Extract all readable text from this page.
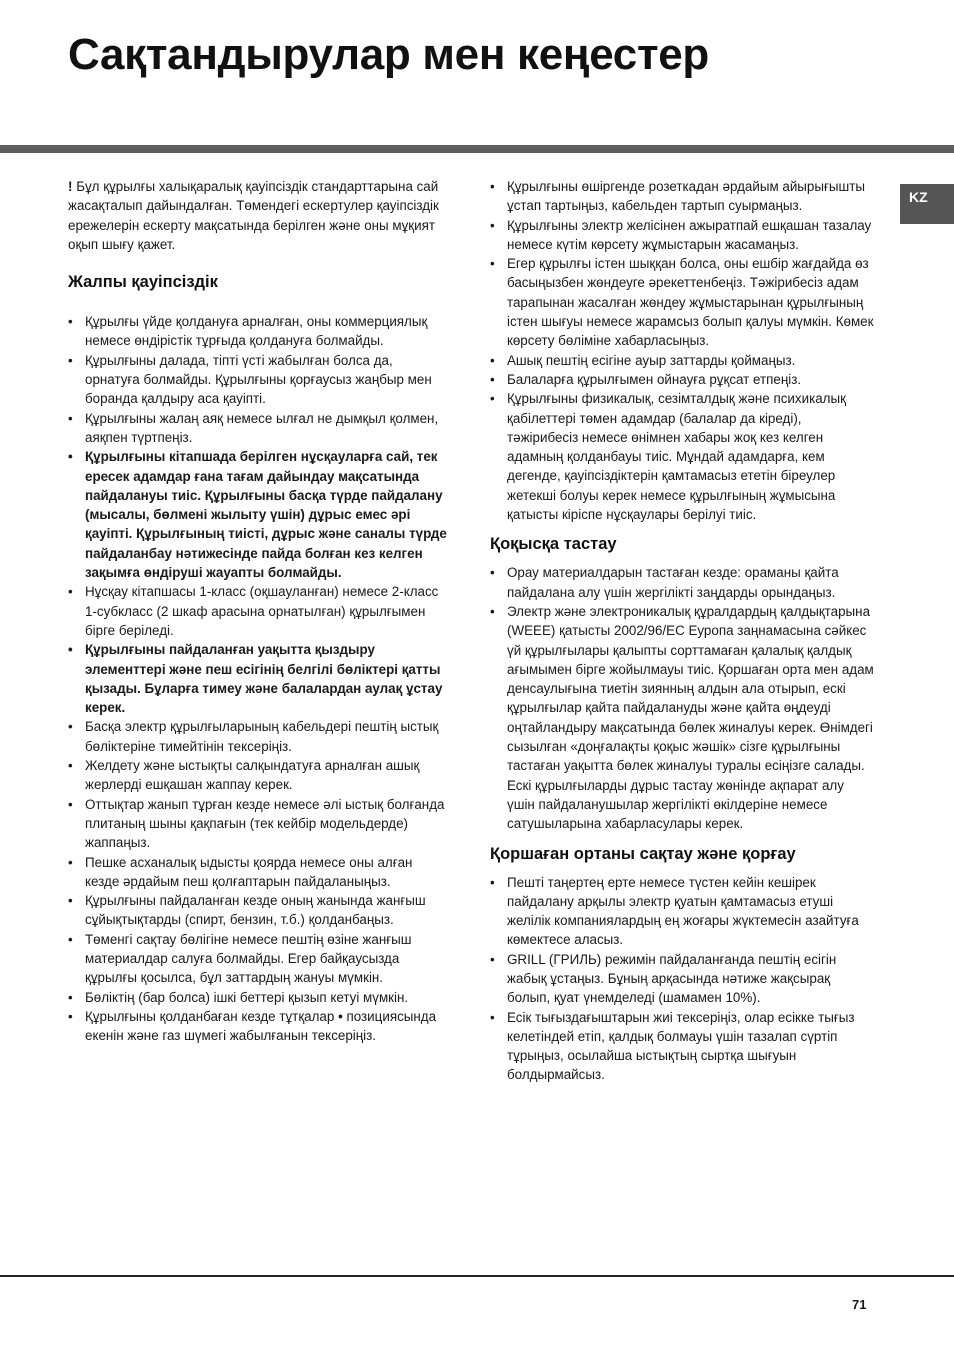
Сақтандырулар мен кеңестер
KZ

! Бұл құрылғы халықаралық қауіпсіздік стандарттарына сай жасақталып дайындалған. Төмендегі ескертулер қауіпсіздік ережелерін ескерту мақсатында берілген және оны мұқият оқып шығу қажет.

Жалпы қауіпсіздік
• Құрылғы үйде қолдануға арналған, оны коммерциялық немесе өндірістік тұрғыда қолдануға болмайды.
• Құрылғыны далада, тіпті үсті жабылған болса да, орнатуға болмайды. Құрылғыны қорғаусыз жаңбыр мен боранда қалдыру аса қауіпті.
• Құрылғыны жалаң аяқ немесе ылғал не дымқыл қолмен, аяқпен түртпеңіз.
• Құрылғыны кітапшада берілген нұсқауларға сай, тек ересек адамдар ғана тағам дайындау мақсатында пайдалануы тиіс. Құрылғыны басқа түрде пайдалану (мысалы, бөлмені жылыту үшін) дұрыс емес әрі қауіпті. Құрылғының тиісті, дұрыс және саналы түрде пайдаланбау нәтижесінде пайда болған кез келген зақымға өндіруші жауапты болмайды.
• Нұсқау кітапшасы 1-класс (оқшауланған) немесе 2-класс 1-субкласс (2 шкаф арасына орнатылған) құрылғымен бірге беріледі.
• Құрылғыны пайдаланған уақытта қыздыру элементтері және пеш есігінің белгілі бөліктері қатты қызады. Бұларға тимеу және балалардан аулақ ұстау керек.
• Басқа электр құрылғыларының кабельдері пештің ыстық бөліктеріне тимейтінін тексеріңіз.
• Желдету және ыстықты салқындатуға арналған ашық жерлерді ешқашан жаппау керек.
• Оттықтар жанып тұрған кезде немесе әлі ыстық болғанда плитаның шыны қақпағын (тек кейбір модельдерде) жаппаңыз.
• Пешке асханалық ыдысты қоярда немесе оны алған кезде әрдайым пеш қолғаптарын пайдаланыңыз.
• Құрылғыны пайдаланған кезде оның жанында жанғыш сұйықтықтарды (спирт, бензин, т.б.) қолданбаңыз.
• Төменгі сақтау бөлігіне немесе пештің өзіне жанғыш материалдар салуға болмайды. Егер байқаусызда құрылғы қосылса, бұл заттардың жануы мүмкін.
• Бөліктің (бар болса) ішкі беттері қызып кетуі мүмкін.
• Құрылғыны қолданбаған кезде тұтқалар • позициясында екенін және газ шүмегі жабылғанын тексеріңіз.
• Құрылғыны өшіргенде розеткадан әрдайым айырығышты ұстап тартыңыз, кабельден тартып суырмаңыз.
• Құрылғыны электр желісінен ажыратпай ешқашан тазалау немесе күтім көрсету жұмыстарын жасамаңыз.
• Егер құрылғы істен шыққан болса, оны ешбір жағдайда өз басыңызбен жөндеуге әрекеттенбеңіз. Тәжірибесіз адам тарапынан жасалған жөндеу жұмыстарынан құрылғының істен шығуы немесе жарамсыз болып қалуы мүмкін. Көмек көрсету бөліміне хабарласыңыз.
• Ашық пештің есігіне ауыр заттарды қоймаңыз.
• Балаларға құрылғымен ойнауға рұқсат етпеңіз.
• Құрылғыны физикалық, сезімталдық және психикалық қабілеттері төмен адамдар (балалар да кіреді), тәжірибесіз немесе өнімнен хабары жоқ кез келген адамның қолданбауы тиіс. Мұндай адамдарға, кем дегенде, қауіпсіздіктерін қамтамасыз ететін біреулер жетекші болуы керек немесе құрылғының жұмысына қатысты кіріспе нұсқаулары берілуі тиіс.
Қоқысқа тастау
• Орау материалдарын тастаған кезде: ораманы қайта пайдалана алу үшін жергілікті заңдарды орындаңыз.
• Электр және электроникалық құралдардың қалдықтарына (WEEE) қатысты 2002/96/EC Еуропа заңнамасына сәйкес үй құрылғылары қалыпты сорттамаған қалалық қалдық ағымымен бірге жойылмауы тиіс. Қоршаған орта мен адам денсаулығына тиетін зиянның алдын ала отырып, ескі құрылғылар қайта пайдалануды және қайта өңдеуді оңтайландыру мақсатында бөлек жиналуы керек. Өнімдегі сызылған «доңғалақты қоқыс жәшік» сізге құрылғыны тастаған уақытта бөлек жиналуы туралы есіңізге салады.
Ескі құрылғыларды дұрыс тастау жөнінде ақпарат алу үшін пайдаланушылар жергілікті өкілдеріне немесе сатушыларына хабарласулары керек.
Қоршаған ортаны сақтау және қорғау
• Пешті таңертең ерте немесе түстен кейін кешірек пайдалану арқылы электр қуатын қамтамасыз етуші желілік компаниялардың ең жоғары жүктемесін азайтуға көмектесе аласыз.
• GRILL (ГРИЛЬ) режимін пайдаланғанда пештің есігін жабық ұстаңыз. Бұның арқасында нәтиже жақсырақ болып, қуат үнемделеді (шамамен 10%).
• Есік тығыздағыштарын жиі тексеріңіз, олар есікке тығыз келетіндей етіп, қалдық болмауы үшін тазалап сүртіп тұрыңыз, осылайша ыстықтың сыртқа шығуын болдырмайсыз.
71
